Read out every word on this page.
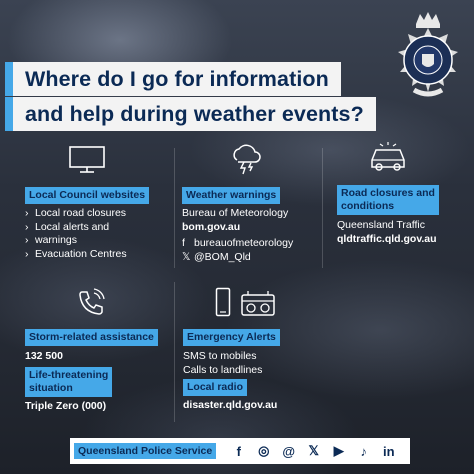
Where do I go for information
and help during weather events?
Local Council websites
› Local road closures
› Local alerts and
› warnings
› Evacuation Centres
Weather warnings
Bureau of Meteorology
bom.gov.au
f bureauofmeteorology
𝕏 @BOM_Qld
Road closures and
conditions
Queensland Traffic
qldtraffic.qld.gov.au
Storm-related assistance
132 500
Life-threatening
situation
Triple Zero (000)
Emergency Alerts
SMS to mobiles
Calls to landlines
Local radio
disaster.qld.gov.au
Queensland Police Service	f	◎ @	𝕏	▶	♪	in
